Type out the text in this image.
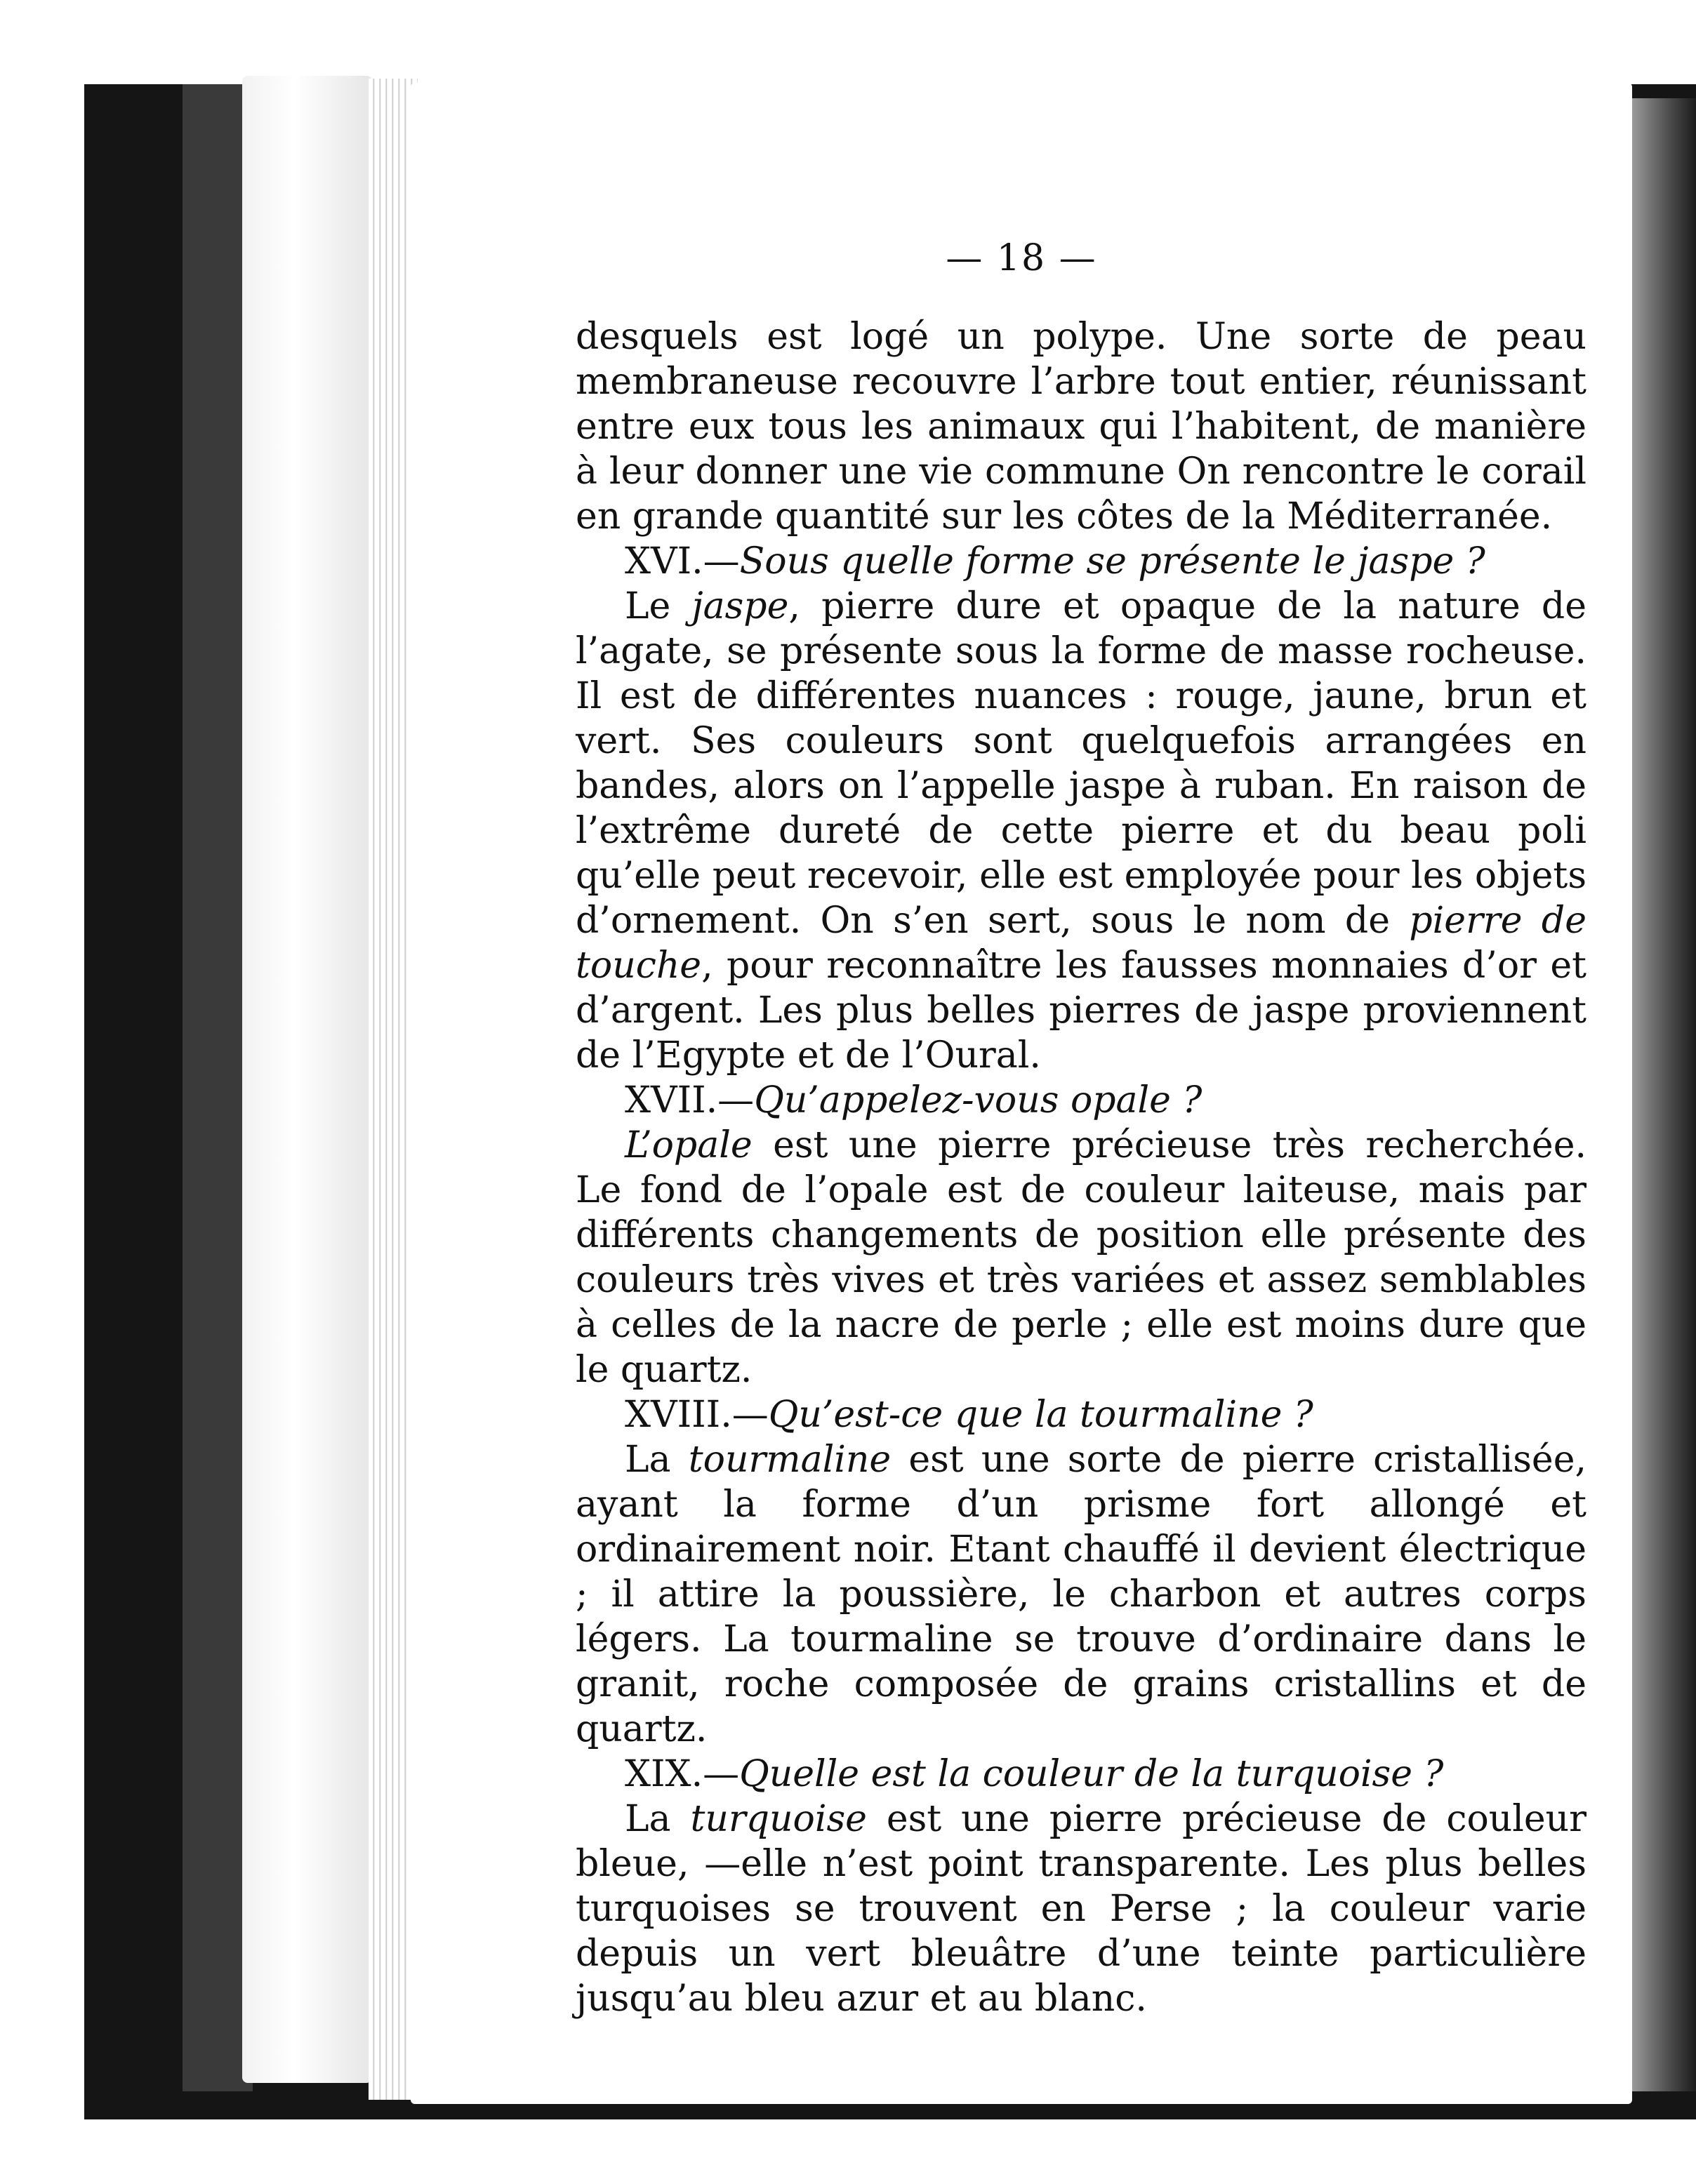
— 18 —

desquels est logé un polype. Une sorte de peau membraneuse recouvre l’arbre tout entier, réunissant entre eux tous les animaux qui l’habitent, de manière à leur donner une vie commune On rencontre le corail en grande quantité sur les côtes de la Méditerranée.

XVI.—Sous quelle forme se présente le jaspe ?

Le jaspe, pierre dure et opaque de la nature de l’agate, se présente sous la forme de masse rocheuse. Il est de différentes nuances : rouge, jaune, brun et vert. Ses couleurs sont quelquefois arrangées en bandes, alors on l’appelle jaspe à ruban. En raison de l’extrême dureté de cette pierre et du beau poli qu’elle peut recevoir, elle est employée pour les objets d’ornement. On s’en sert, sous le nom de pierre de touche, pour reconnaître les fausses monnaies d’or et d’argent. Les plus belles pierres de jaspe proviennent de l’Egypte et de l’Oural.

XVII.—Qu’appelez-vous opale ?

L’opale est une pierre précieuse très recherchée. Le fond de l’opale est de couleur laiteuse, mais par différents changements de position elle présente des couleurs très vives et très variées et assez semblables à celles de la nacre de perle ; elle est moins dure que le quartz.

XVIII.—Qu’est-ce que la tourmaline ?

La tourmaline est une sorte de pierre cristallisée, ayant la forme d’un prisme fort allongé et ordinairement noir. Etant chauffé il devient électrique ; il attire la poussière, le charbon et autres corps légers. La tourmaline se trouve d’ordinaire dans le granit, roche composée de grains cristallins et de quartz.

XIX.—Quelle est la couleur de la turquoise ?

La turquoise est une pierre précieuse de couleur bleue, —elle n’est point transparente. Les plus belles turquoises se trouvent en Perse ; la couleur varie depuis un vert bleuâtre d’une teinte particulière jusqu’au bleu azur et au blanc.
